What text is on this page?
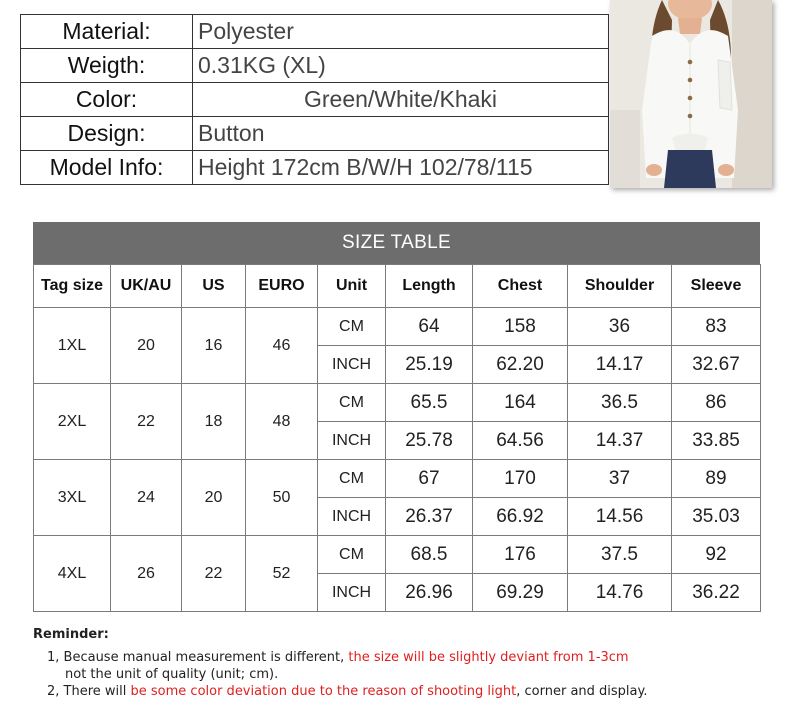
Material:	Polyester
Weigth:	0.31KG (XL)
Color:	Green/White/Khaki
Design:	Button
Model Info:	Height 172cm B/W/H 102/78/115
SIZE TABLE
Tag size	UK/AU	US	EURO	Unit	Length	Chest	Shoulder	Sleeve
1XL	20	16	46	CM	64	158	36	83
				INCH	25.19	62.20	14.17	32.67
2XL	22	18	48	CM	65.5	164	36.5	86
				INCH	25.78	64.56	14.37	33.85
3XL	24	20	50	CM	67	170	37	89
				INCH	26.37	66.92	14.56	35.03
4XL	26	22	52	CM	68.5	176	37.5	92
				INCH	26.96	69.29	14.76	36.22
Reminder:
1, Because manual measurement is different, the size will be slightly deviant from 1-3cm
not the unit of quality (unit; cm).
2, There will be some color deviation due to the reason of shooting light, corner and display.
